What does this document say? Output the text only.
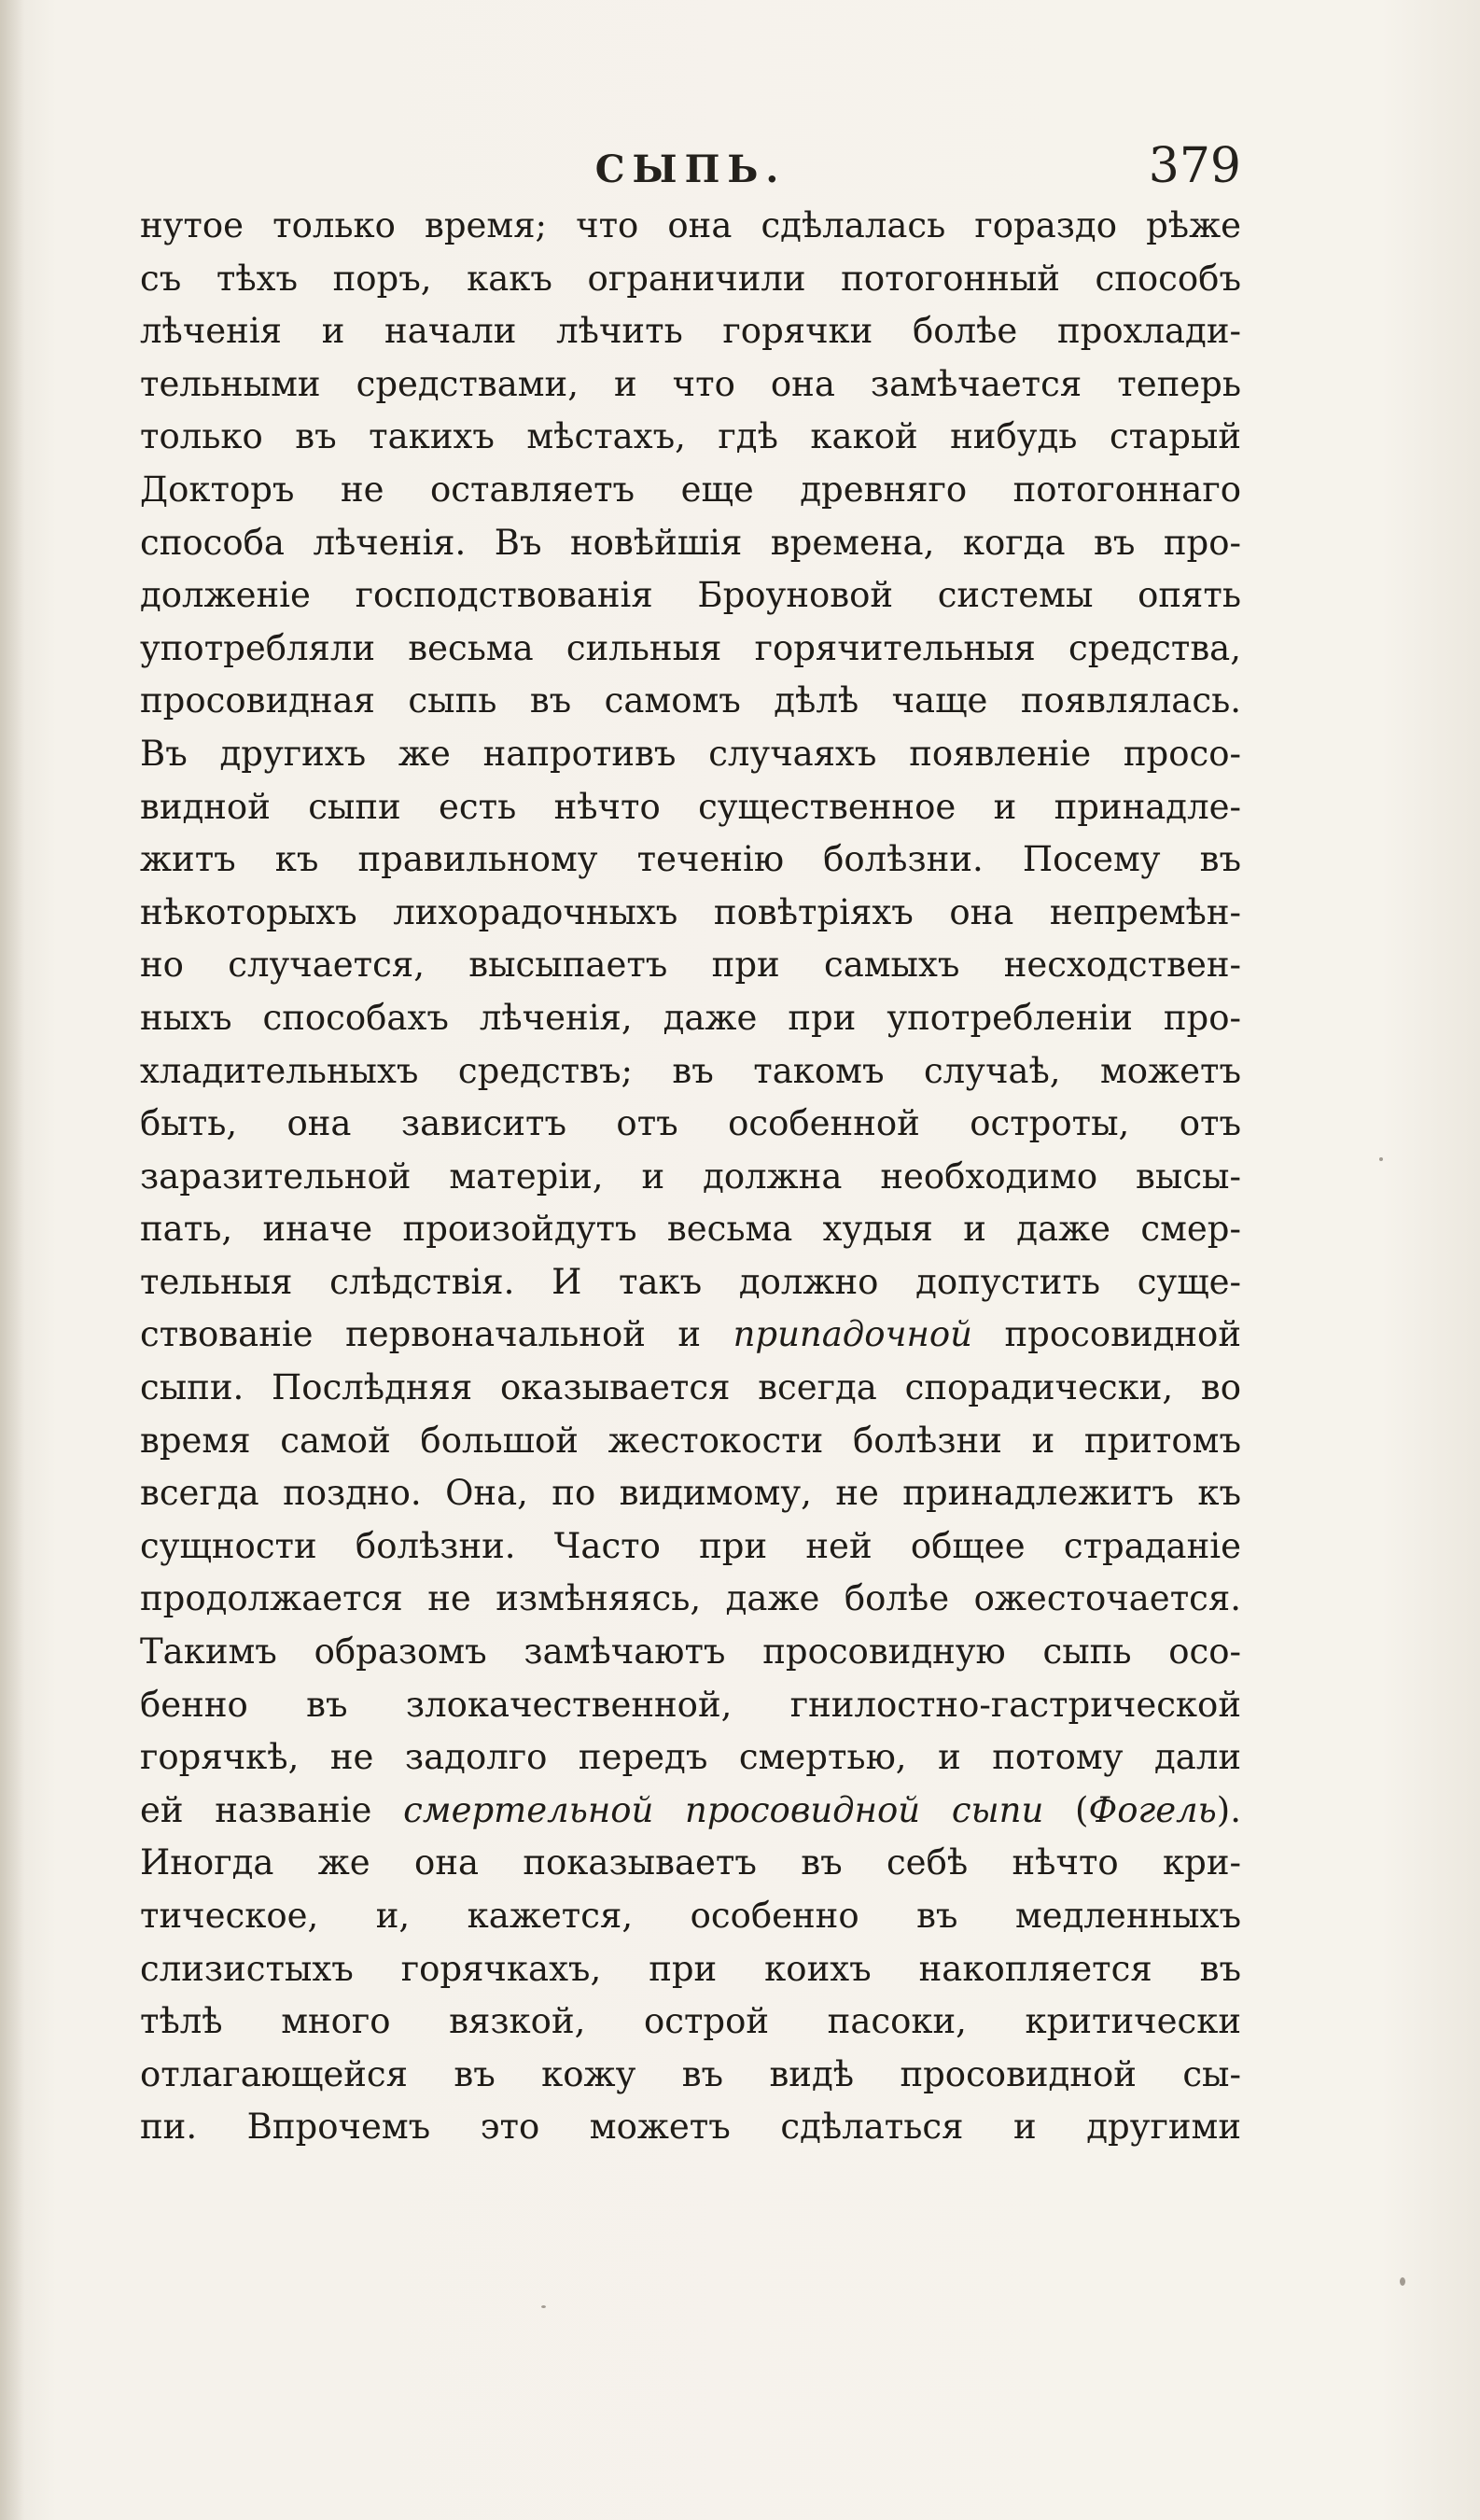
СЫПЬ.	379
нутое только время; что она сдѣлалась гораздо рѣже
съ тѣхъ поръ, какъ ограничили потогонный способъ
лѣченія и начали лѣчить горячки болѣе прохлади-
тельными средствами, и что она замѣчается теперь
только въ такихъ мѣстахъ, гдѣ какой нибудь старый
Докторъ не оставляетъ еще древняго потогоннаго
способа лѣченія. Въ новѣйшія времена, когда въ про-
долженіе господствованія Броуновой системы опять
употребляли весьма сильныя горячительныя средства,
просовидная сыпь въ самомъ дѣлѣ чаще появлялась.
Въ другихъ же напротивъ случаяхъ появленіе просо-
видной сыпи есть нѣчто существенное и принадле-
житъ къ правильному теченію болѣзни. Посему въ
нѣкоторыхъ лихорадочныхъ повѣтріяхъ она непремѣн-
но случается, высыпаетъ при самыхъ несходствен-
ныхъ способахъ лѣченія, даже при употребленіи про-
хладительныхъ средствъ; въ такомъ случаѣ, можетъ
быть, она зависитъ отъ особенной остроты, отъ
заразительной матеріи, и должна необходимо высы-
пать, иначе произойдутъ весьма худыя и даже смер-
тельныя слѣдствія. И такъ должно допустить суще-
ствованіе первоначальной и припадочной просовидной
сыпи. Послѣдняя оказывается всегда спорадически, во
время самой большой жестокости болѣзни и притомъ
всегда поздно. Она, по видимому, не принадлежитъ къ
сущности болѣзни. Часто при ней общее страданіе
продолжается не измѣняясь, даже болѣе ожесточается.
Такимъ образомъ замѣчаютъ просовидную сыпь осо-
бенно въ злокачественной, гнилостно-гастрической
горячкѣ, не задолго передъ смертью, и потому дали
ей названіе смертельной просовидной сыпи (Фогель).
Иногда же она показываетъ въ себѣ нѣчто кри-
тическое, и, кажется, особенно въ медленныхъ
слизистыхъ горячкахъ, при коихъ накопляется въ
тѣлѣ много вязкой, острой пасоки, критически
отлагающейся въ кожу въ видѣ просовидной сы-
пи. Впрочемъ это можетъ сдѣлаться и другими
